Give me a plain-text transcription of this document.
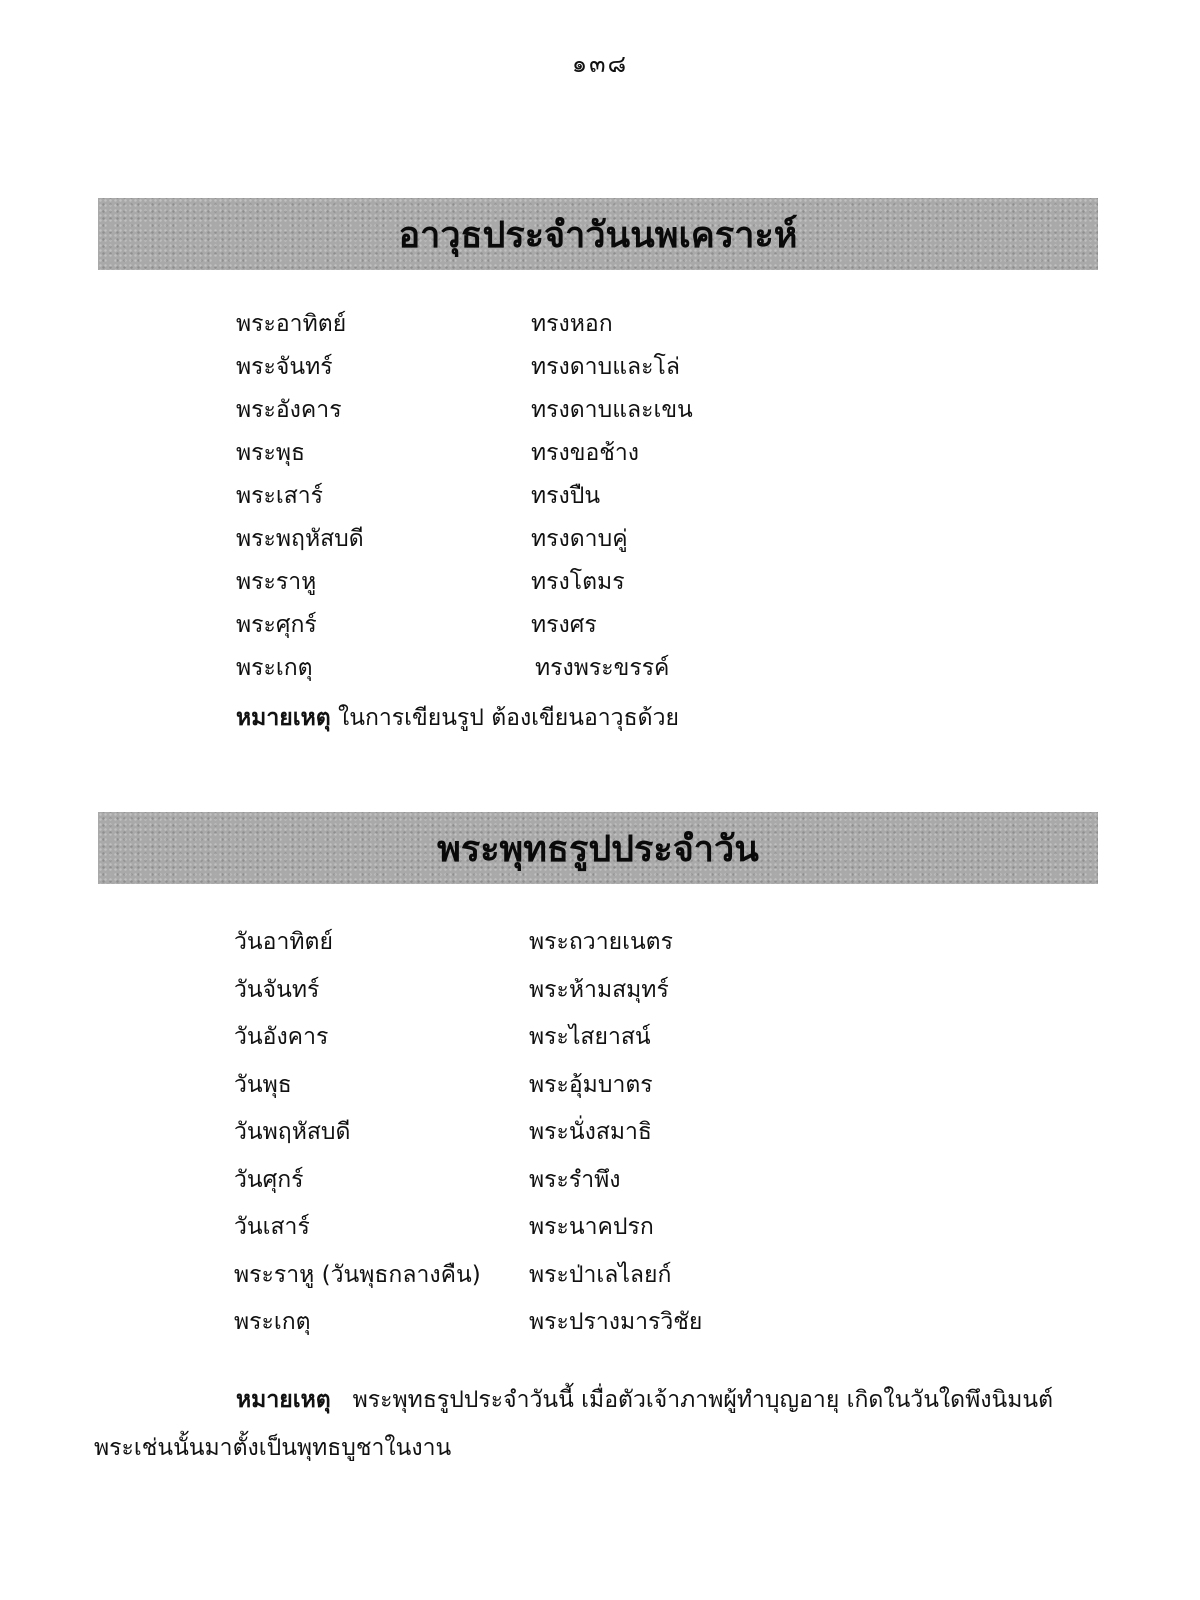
๑๓๘
อาวุธประจำวันนพเคราะห์
พระอาทิตย์	ทรงหอก
พระจันทร์	ทรงดาบและโล่
พระอังคาร	ทรงดาบและเขน
พระพุธ	ทรงขอช้าง
พระเสาร์	ทรงปืน
พระพฤหัสบดี	ทรงดาบคู่
พระราหู	ทรงโตมร
พระศุกร์	ทรงศร
พระเกตุ	ทรงพระขรรค์
หมายเหตุ ในการเขียนรูป ต้องเขียนอาวุธด้วย
พระพุทธรูปประจำวัน
วันอาทิตย์	พระถวายเนตร
วันจันทร์	พระห้ามสมุทร์
วันอังคาร	พระไสยาสน์
วันพุธ	พระอุ้มบาตร
วันพฤหัสบดี	พระนั่งสมาธิ
วันศุกร์	พระรำพึง
วันเสาร์	พระนาคปรก
พระราหู (วันพุธกลางคืน) พระป่าเลไลยก์
พระเกตุ	พระปรางมารวิชัย
หมายเหตุ พระพุทธรูปประจำวันนี้ เมื่อตัวเจ้าภาพผู้ทำบุญอายุ เกิดในวันใดพึงนิมนต์พระเช่นนั้นมาตั้งเป็นพุทธบูชาในงาน
